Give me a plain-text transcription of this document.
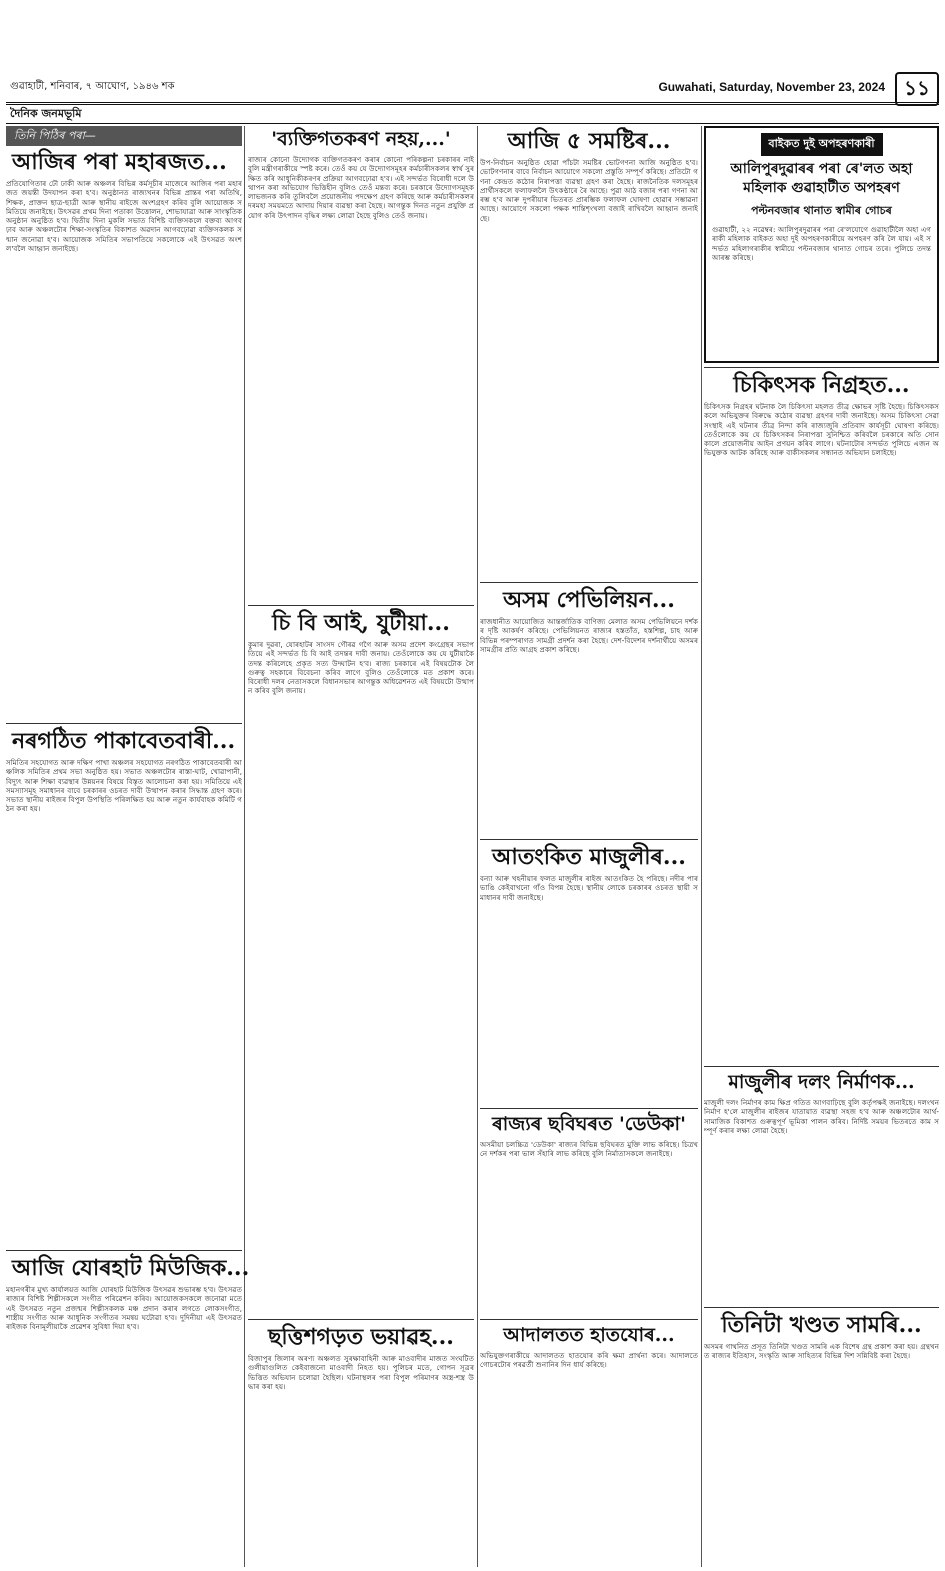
গুৱাহাটী, শনিবাৰ, ৭ আঘোণ, ১৯৪৬ শক	Guwahati, Saturday, November 23, 2024 ১১
দৈনিক জনমভূমি
তিনি পিঠিৰ পৰা—
আজিৰ পৰা মহাৰজত...
প্ৰতিযোগিতাৰ ঢৌ ঢাকী আৰু অঞ্চলৰ বিভিন্ন কৰ্মসূচীৰ মাজেৰে আজিৰ পৰা মহাৰজত জয়ন্তী উদযাপন কৰা হ'ব। অনুষ্ঠানত ৰাজ্যখনৰ বিভিন্ন প্ৰান্তৰ পৰা অতিথি, শিক্ষক, প্ৰাক্তন ছাত্ৰ-ছাত্ৰী আৰু স্থানীয় ৰাইজে অংশগ্ৰহণ কৰিব বুলি আয়োজক সমিতিয়ে জনাইছে। উৎসৱৰ প্ৰথম দিনা পতাকা উত্তোলন, শোভাযাত্ৰা আৰু সাংস্কৃতিক অনুষ্ঠান অনুষ্ঠিত হ'ব। দ্বিতীয় দিনা মুকলি সভাত বিশিষ্ট ব্যক্তিসকলে বক্তব্য আগবঢ়াব আৰু অঞ্চলটোৰ শিক্ষা-সংস্কৃতিৰ বিকাশত অৱদান আগবঢ়োৱা ব্যক্তিসকলক সন্মান জনোৱা হ'ব। আয়োজক সমিতিৰ সভাপতিয়ে সকলোকে এই উৎসৱত অংশ ল'বলৈ আহ্বান জনাইছে।
নৰগঠিত পাকাবেতবাৰী...
সমিতিৰ সহযোগত আৰু দক্ষিণ পাখা অঞ্চলৰ সহযোগত নৰগঠিত পাকাবেতবাৰী আঞ্চলিক সমিতিৰ প্ৰথম সভা অনুষ্ঠিত হয়। সভাত অঞ্চলটোৰ ৰাস্তা-ঘাট, খোৱাপানী, বিদ্যুৎ আৰু শিক্ষা ব্যৱস্থাৰ উন্নয়নৰ বিষয়ে বিস্তৃত আলোচনা কৰা হয়। সমিতিয়ে এই সমস্যাসমূহ সমাধানৰ বাবে চৰকাৰৰ ওচৰত দাবী উত্থাপন কৰাৰ সিদ্ধান্ত গ্ৰহণ কৰে। সভাত স্থানীয় ৰাইজৰ বিপুল উপস্থিতি পৰিলক্ষিত হয় আৰু নতুন কাৰ্যবাহক কমিটি গঠন কৰা হয়।
আজি যোৰহাট মিউজিক...
মহানগৰীৰ মুখ্য কাৰ্যালয়ত আজি যোৰহাট মিউজিক উৎসৱৰ শুভাৰম্ভ হ'ব। উৎসৱত ৰাজ্যৰ বিশিষ্ট শিল্পীসকলে সংগীত পৰিৱেশন কৰিব। আয়োজকসকলে জনোৱা মতে এই উৎসৱত নতুন প্ৰজন্মৰ শিল্পীসকলক মঞ্চ প্ৰদান কৰাৰ লগতে লোকসংগীত, শাস্ত্ৰীয় সংগীত আৰু আধুনিক সংগীতৰ সমন্বয় ঘটোৱা হ'ব। দুদিনীয়া এই উৎসৱত ৰাইজক বিনামূলীয়াকৈ প্ৰৱেশৰ সুবিধা দিয়া হ'ব।
'ব্যক্তিগতকৰণ নহয়,...'
ৰাজ্যৰ কোনো উদ্যোগক ব্যক্তিগতকৰণ কৰাৰ কোনো পৰিকল্পনা চৰকাৰৰ নাই বুলি মন্ত্ৰীগৰাকীয়ে স্পষ্ট কৰে। তেওঁ কয় যে উদ্যোগসমূহৰ কৰ্মচাৰীসকলৰ স্বাৰ্থ সুৰক্ষিত কৰি আধুনিকীকৰণৰ প্ৰক্ৰিয়া আগবঢ়োৱা হ'ব। এই সন্দৰ্ভত বিৰোধী দলে উত্থাপন কৰা অভিযোগ ভিত্তিহীন বুলিও তেওঁ মন্তব্য কৰে। চৰকাৰে উদ্যোগসমূহক লাভজনক কৰি তুলিবলৈ প্ৰয়োজনীয় পদক্ষেপ গ্ৰহণ কৰিছে আৰু কৰ্মচাৰীসকলৰ দৰমহা সময়মতে আদায় দিয়াৰ ব্যৱস্থা কৰা হৈছে। আগন্তুক দিনত নতুন প্ৰযুক্তি প্ৰয়োগ কৰি উৎপাদন বৃদ্ধিৰ লক্ষ্য লোৱা হৈছে বুলিও তেওঁ জনায়।
চি বি আই, যুটীয়া...
কুমাৰ দুৱৰা, যোৰহাটৰ সাংসদ গৌৰৱ গগৈ আৰু অসম প্ৰদেশ কংগ্ৰেছৰ সভাপতিয়ে এই সন্দৰ্ভত চি বি আই তদন্তৰ দাবী জনায়। তেওঁলোকে কয় যে যুটীয়াকৈ তদন্ত কৰিলেহে প্ৰকৃত সত্য উদ্ঘাটন হ'ব। ৰাজ্য চৰকাৰে এই বিষয়টোক লৈ গুৰুত্ব সহকাৰে বিবেচনা কৰিব লাগে বুলিও তেওঁলোকে মত প্ৰকাশ কৰে। বিৰোধী দলৰ নেতাসকলে বিধানসভাৰ আগন্তুক অধিৱেশনত এই বিষয়টো উত্থাপন কৰিব বুলি জনায়।
ছত্তিশগড়ত ভয়াৱহ...
বিজাপুৰ জিলাৰ অৰণ্য অঞ্চলত সুৰক্ষাবাহিনী আৰু মাওবাদীৰ মাজত সংঘটিত গুলীয়াগুলিত কেইবাজনো মাওবাদী নিহত হয়। পুলিচৰ মতে, গোপন সূত্ৰৰ ভিত্তিত অভিযান চলোৱা হৈছিল। ঘটনাস্থলৰ পৰা বিপুল পৰিমাণৰ অস্ত্ৰ-শস্ত্ৰ উদ্ধাৰ কৰা হয়।
আজি ৫ সমষ্টিৰ...
উপ-নিৰ্বাচন অনুষ্ঠিত হোৱা পাঁচটা সমষ্টিৰ ভোটগণনা আজি অনুষ্ঠিত হ'ব। ভোটগণনাৰ বাবে নিৰ্বাচন আয়োগে সকলো প্ৰস্তুতি সম্পূৰ্ণ কৰিছে। প্ৰতিটো গণনা কেন্দ্ৰত কঠোৰ নিৰাপত্তা ব্যৱস্থা গ্ৰহণ কৰা হৈছে। ৰাজনৈতিক দলসমূহৰ প্ৰাৰ্থীসকলে ফলাফললৈ উৎকণ্ঠাৰে ৰৈ আছে। পুৱা আঠ বজাৰ পৰা গণনা আৰম্ভ হ'ব আৰু দুপৰীয়াৰ ভিতৰত প্ৰাৰম্ভিক ফলাফল ঘোষণা হোৱাৰ সম্ভাৱনা আছে। আয়োগে সকলো পক্ষক শান্তিশৃংখলা বজাই ৰাখিবলৈ আহ্বান জনাইছে।
অসম পেভিলিয়ন...
ৰাজধানীত আয়োজিত আন্তৰ্জাতিক বাণিজ্য মেলাত অসম পেভিলিয়নে দৰ্শকৰ দৃষ্টি আকৰ্ষণ কৰিছে। পেভিলিয়নত ৰাজ্যৰ হস্ততাঁত, হস্তশিল্প, চাহ আৰু বিভিন্ন পৰম্পৰাগত সামগ্ৰী প্ৰদৰ্শন কৰা হৈছে। দেশ-বিদেশৰ দৰ্শনাৰ্থীয়ে অসমৰ সামগ্ৰীৰ প্ৰতি আগ্ৰহ প্ৰকাশ কৰিছে।
আতংকিত মাজুলীৰ...
বন্যা আৰু খহনীয়াৰ ফলত মাজুলীৰ ৰাইজ আতংকিত হৈ পৰিছে। নদীৰ পাৰ ভাঙি কেইবাখনো গাঁও বিপন্ন হৈছে। স্থানীয় লোকে চৰকাৰৰ ওচৰত স্থায়ী সমাধানৰ দাবী জনাইছে।
ৰাজ্যৰ ছবিঘৰত 'ডেউকা'
অসমীয়া চলচ্চিত্ৰ 'ডেউকা' ৰাজ্যৰ বিভিন্ন ছবিঘৰত মুক্তি লাভ কৰিছে। চিত্ৰখনে দৰ্শকৰ পৰা ভাল সঁহাৰি লাভ কৰিছে বুলি নিৰ্মাতাসকলে জনাইছে।
আদালতত হাতযোৰ...
অভিযুক্তগৰাকীয়ে আদালতত হাতযোৰ কৰি ক্ষমা প্ৰাৰ্থনা কৰে। আদালতে গোচৰটোৰ পৰৱৰ্তী শুনানিৰ দিন ধাৰ্য কৰিছে।
বাইকত দুই অপহৰণকাৰী
আলিপুৰদুৱাৰৰ পৰা ৰে'লত অহা মহিলাক গুৱাহাটীত অপহৰণ
পল্টনবজাৰ থানাত স্বামীৰ গোচৰ
গুৱাহাটী, ২২ নৱেম্বৰ: আলিপুৰদুৱাৰৰ পৰা ৰে'লযোগে গুৱাহাটীলৈ অহা এগৰাকী মহিলাক বাইকত অহা দুই অপহৰণকাৰীয়ে অপহৰণ কৰি লৈ যায়। এই সন্দৰ্ভত মহিলাগৰাকীৰ স্বামীয়ে পল্টনবজাৰ থানাত গোচৰ তৰে। পুলিচে তদন্ত আৰম্ভ কৰিছে।
চিকিৎসক নিগ্ৰহত...
চিকিৎসক নিগ্ৰহৰ ঘটনাক লৈ চিকিৎসা মহলত তীব্ৰ ক্ষোভৰ সৃষ্টি হৈছে। চিকিৎসকসকলে অভিযুক্তৰ বিৰুদ্ধে কঠোৰ ব্যৱস্থা গ্ৰহণৰ দাবী জনাইছে। অসম চিকিৎসা সেৱা সংস্থাই এই ঘটনাৰ তীব্ৰ নিন্দা কৰি ৰাজ্যজুৰি প্ৰতিবাদ কাৰ্যসূচী ঘোষণা কৰিছে। তেওঁলোকে কয় যে চিকিৎসকৰ নিৰাপত্তা সুনিশ্চিত কৰিবলৈ চৰকাৰে অতি সোনকালে প্ৰয়োজনীয় আইন প্ৰণয়ন কৰিব লাগে। ঘটনাটোৰ সন্দৰ্ভত পুলিচে এজন অভিযুক্তক আটক কৰিছে আৰু বাকীসকলৰ সন্ধানত অভিযান চলাইছে।
মাজুলীৰ দলং নিৰ্মাণক...
মাজুলী দলং নিৰ্মাণৰ কাম ক্ষিপ্ৰ গতিত আগবাঢ়িছে বুলি কৰ্তৃপক্ষই জনাইছে। দলংখন নিৰ্মাণ হ'লে মাজুলীৰ ৰাইজৰ যাতায়াত ব্যৱস্থা সহজ হ'ব আৰু অঞ্চলটোৰ আৰ্থ-সামাজিক বিকাশত গুৰুত্বপূৰ্ণ ভূমিকা পালন কৰিব। নিৰ্দিষ্ট সময়ৰ ভিতৰতে কাম সম্পূৰ্ণ কৰাৰ লক্ষ্য লোৱা হৈছে।
তিনিটা খণ্ডত সামৰি...
অসমৰ গাথনিত প্ৰসূত তিনিটা খণ্ডত সামৰি এক বিশেষ গ্ৰন্থ প্ৰকাশ কৰা হয়। গ্ৰন্থখনত ৰাজ্যৰ ইতিহাস, সংস্কৃতি আৰু সাহিত্যৰ বিভিন্ন দিশ সন্নিবিষ্ট কৰা হৈছে।
